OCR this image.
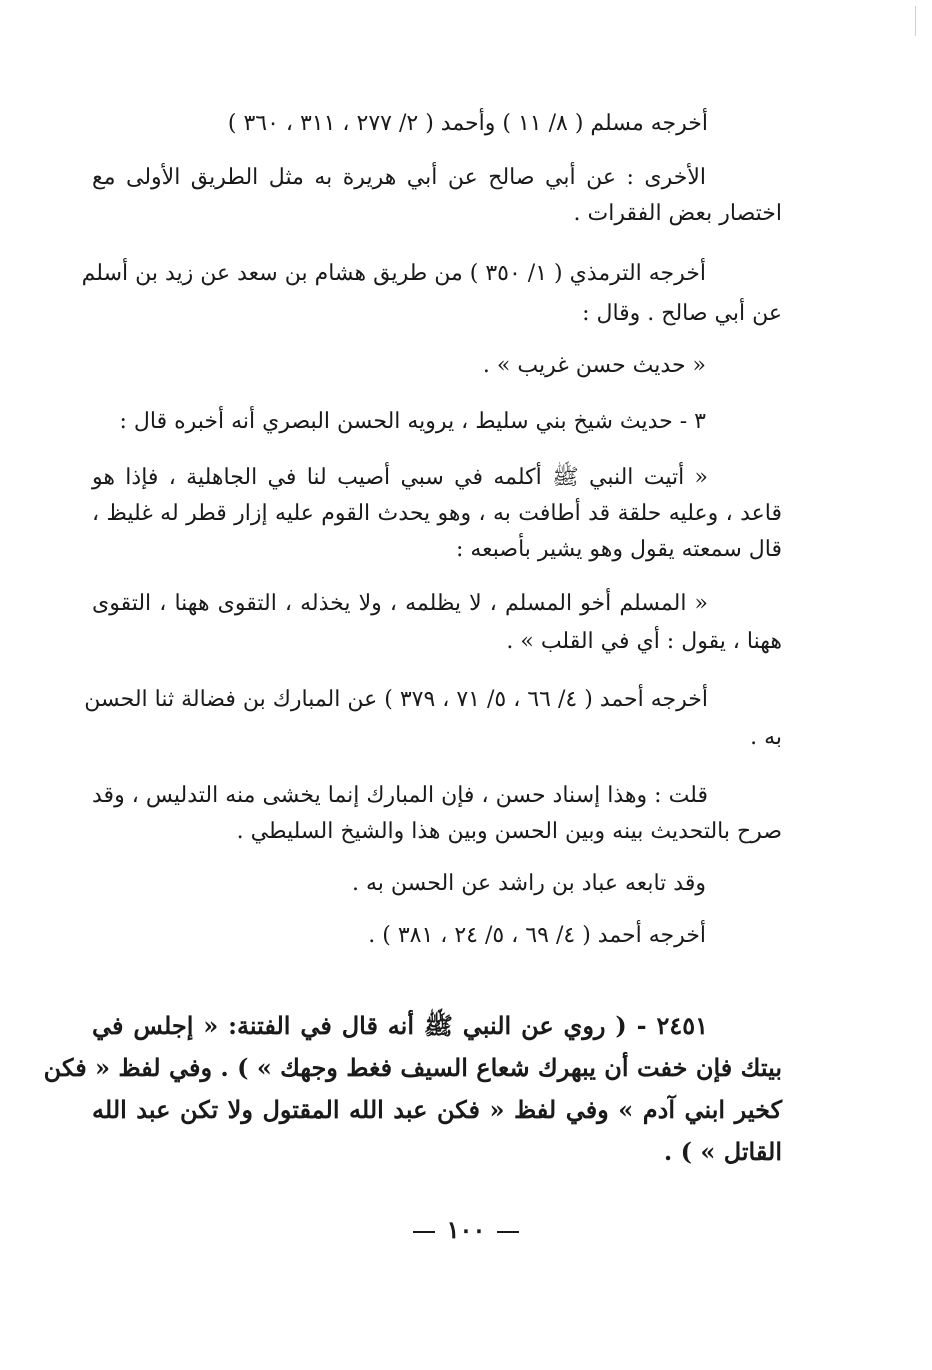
أخرجه مسلم ( ٨/ ١١ ) وأحمد ( ٢/ ٢٧٧ ، ٣١١ ، ٣٦٠ )
الأخرى : عن أبي صالح عن أبي هريرة به مثل الطريق الأولى مع
اختصار بعض الفقرات .
أخرجه الترمذي ( ١/ ٣٥٠ ) من طريق هشام بن سعد عن زيد بن أسلم
عن أبي صالح . وقال :
« حديث حسن غريب » .
٣ - حديث شيخ بني سليط ، يرويه الحسن البصري أنه أخبره قال :
« أتيت النبي ﷺ أكلمه في سبي أصيب لنا في الجاهلية ، فإذا هو
قاعد ، وعليه حلقة قد أطافت به ، وهو يحدث القوم عليه إزار قطر له غليظ ،
قال سمعته يقول وهو يشير بأصبعه :
« المسلم أخو المسلم ، لا يظلمه ، ولا يخذله ، التقوى ههنا ، التقوى
ههنا ، يقول : أي في القلب » .
أخرجه أحمد ( ٤/ ٦٦ ، ٥/ ٧١ ، ٣٧٩ ) عن المبارك بن فضالة ثنا الحسن
به .
قلت : وهذا إسناد حسن ، فإن المبارك إنما يخشى منه التدليس ، وقد
صرح بالتحديث بينه وبين الحسن وبين هذا والشيخ السليطي .
وقد تابعه عباد بن راشد عن الحسن به .
أخرجه أحمد ( ٤/ ٦٩ ، ٥/ ٢٤ ، ٣٨١ ) .
٢٤٥١ - ( روي عن النبي ﷺ أنه قال في الفتنة: « إجلس في
بيتك فإن خفت أن يبهرك شعاع السيف فغط وجهك » ) . وفي لفظ « فكن
كخير ابني آدم » وفي لفظ « فكن عبد الله المقتول ولا تكن عبد الله
القاتل » ) .
١٠٠
